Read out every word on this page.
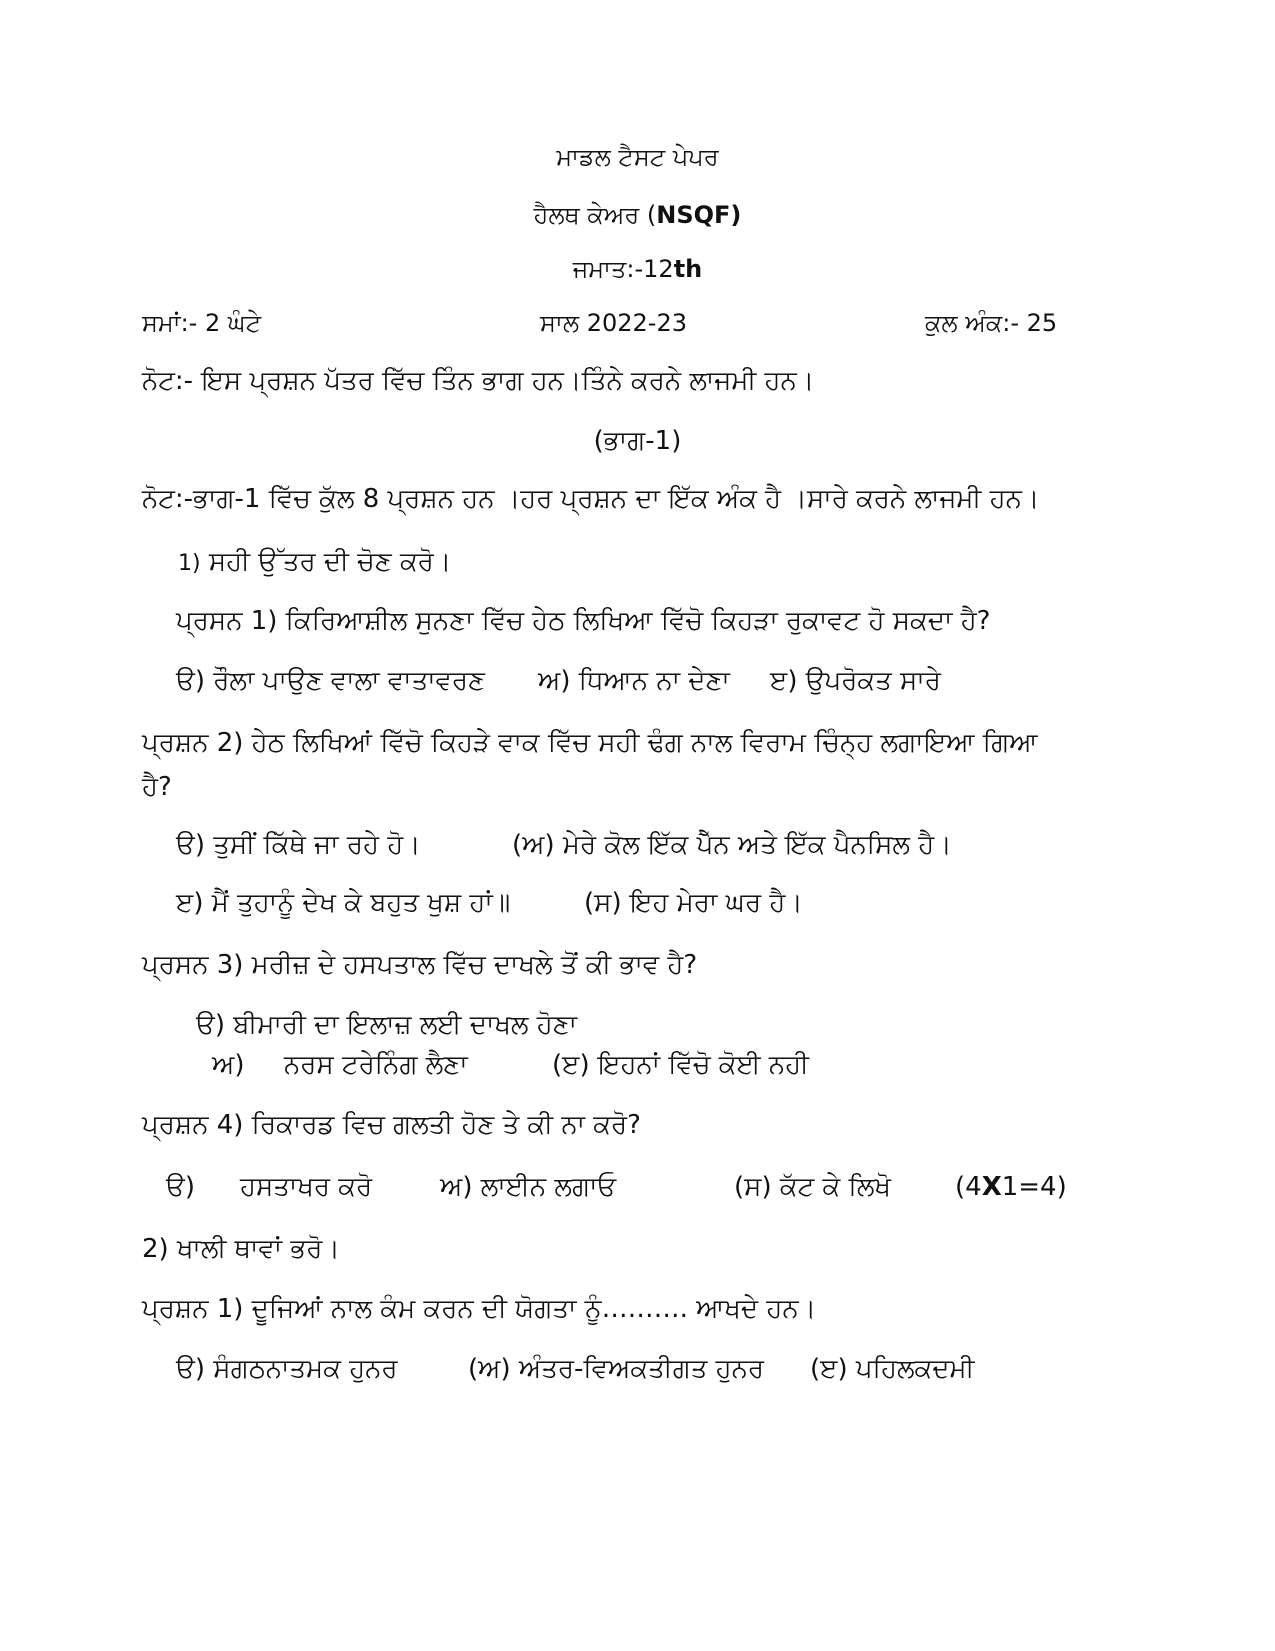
ਮਾਡਲ ਟੈਸਟ ਪੇਪਰ
ਹੈਲਥ ਕੇਅਰ (NSQF)
ਜਮਾਤ:-12th
ਸਮਾਂ:- 2 ਘੰਟੇ	ਸਾਲ 2022-23	ਕੁਲ ਅੰਕ:- 25
ਨੋਟ:- ਇਸ ਪ੍ਰਸ਼ਨ ਪੱਤਰ ਵਿੱਚ ਤਿੰਨ ਭਾਗ ਹਨ।ਤਿੰਨੇ ਕਰਨੇ ਲਾਜਮੀ ਹਨ।
(ਭਾਗ-1)
ਨੋਟ:-ਭਾਗ-1 ਵਿੱਚ ਕੁੱਲ 8 ਪ੍ਰਸ਼ਨ ਹਨ ।ਹਰ ਪ੍ਰਸ਼ਨ ਦਾ ਇੱਕ ਅੰਕ ਹੈ ।ਸਾਰੇ ਕਰਨੇ ਲਾਜਮੀ ਹਨ।
1) ਸਹੀ ਉੱਤਰ ਦੀ ਚੋਣ ਕਰੋ।
ਪ੍ਰਸਨ 1) ਕਿਰਿਆਸ਼ੀਲ ਸੁਨਣਾ ਵਿੱਚ ਹੇਠ ਲਿਖਿਆ ਵਿੱਚੋ ਕਿਹੜਾ ਰੁਕਾਵਟ ਹੋ ਸਕਦਾ ਹੈ?
ੳ) ਰੌਲਾ ਪਾਉਣ ਵਾਲਾ ਵਾਤਾਵਰਣ ਅ) ਧਿਆਨ ਨਾ ਦੇਣਾ ੲ) ਉਪਰੋਕਤ ਸਾਰੇ
ਪ੍ਰਸ਼ਨ 2) ਹੇਠ ਲਿਖਿਆਂ ਵਿੱਚੋ ਕਿਹੜੇ ਵਾਕ ਵਿੱਚ ਸਹੀ ਢੰਗ ਨਾਲ ਵਿਰਾਮ ਚਿੰਨ੍ਹ ਲਗਾਇਆ ਗਿਆ
ਹੈ?
ੳ) ਤੁਸੀਂ ਕਿੱਥੇ ਜਾ ਰਹੇ ਹੋ।	(ਅ) ਮੇਰੇ ਕੋਲ ਇੱਕ ਪੈੱਨ ਅਤੇ ਇੱਕ ਪੈਨਸਿਲ ਹੈ।
ੲ) ਮੈਂ ਤੁਹਾਨੂੰ ਦੇਖ ਕੇ ਬਹੁਤ ਖੁਸ਼ ਹਾਂ॥	(ਸ) ਇਹ ਮੇਰਾ ਘਰ ਹੈ।
ਪ੍ਰਸਨ 3) ਮਰੀਜ਼ ਦੇ ਹਸਪਤਾਲ ਵਿੱਚ ਦਾਖਲੇ ਤੋਂ ਕੀ ਭਾਵ ਹੈ?
ੳ) ਬੀਮਾਰੀ ਦਾ ਇਲਾਜ਼ ਲਈ ਦਾਖਲ ਹੋਣਾ
ਅ) ਨਰਸ ਟਰੇਨਿੰਗ ਲੈਣਾ	(ੲ) ਇਹਨਾਂ ਵਿੱਚੋ ਕੋਈ ਨਹੀ
ਪ੍ਰਸ਼ਨ 4) ਰਿਕਾਰਡ ਵਿਚ ਗਲਤੀ ਹੋਣ ਤੇ ਕੀ ਨਾ ਕਰੋ?
ੳ) ਹਸਤਾਖਰ ਕਰੋ	ਅ) ਲਾਈਨ ਲਗਾਓ	(ਸ) ਕੱਟ ਕੇ ਲਿਖੋ (4X1=4)
2) ਖਾਲੀ ਥਾਵਾਂ ਭਰੋ।
ਪ੍ਰਸ਼ਨ 1) ਦੂਜਿਆਂ ਨਾਲ ਕੰਮ ਕਰਨ ਦੀ ਯੋਗਤਾ ਨੂੰ………. ਆਖਦੇ ਹਨ।
ੳ) ਸੰਗਠਨਾਤਮਕ ਹੁਨਰ	(ਅ) ਅੰਤਰ-ਵਿਅਕਤੀਗਤ ਹੁਨਰ (ੲ) ਪਹਿਲਕਦਮੀ
